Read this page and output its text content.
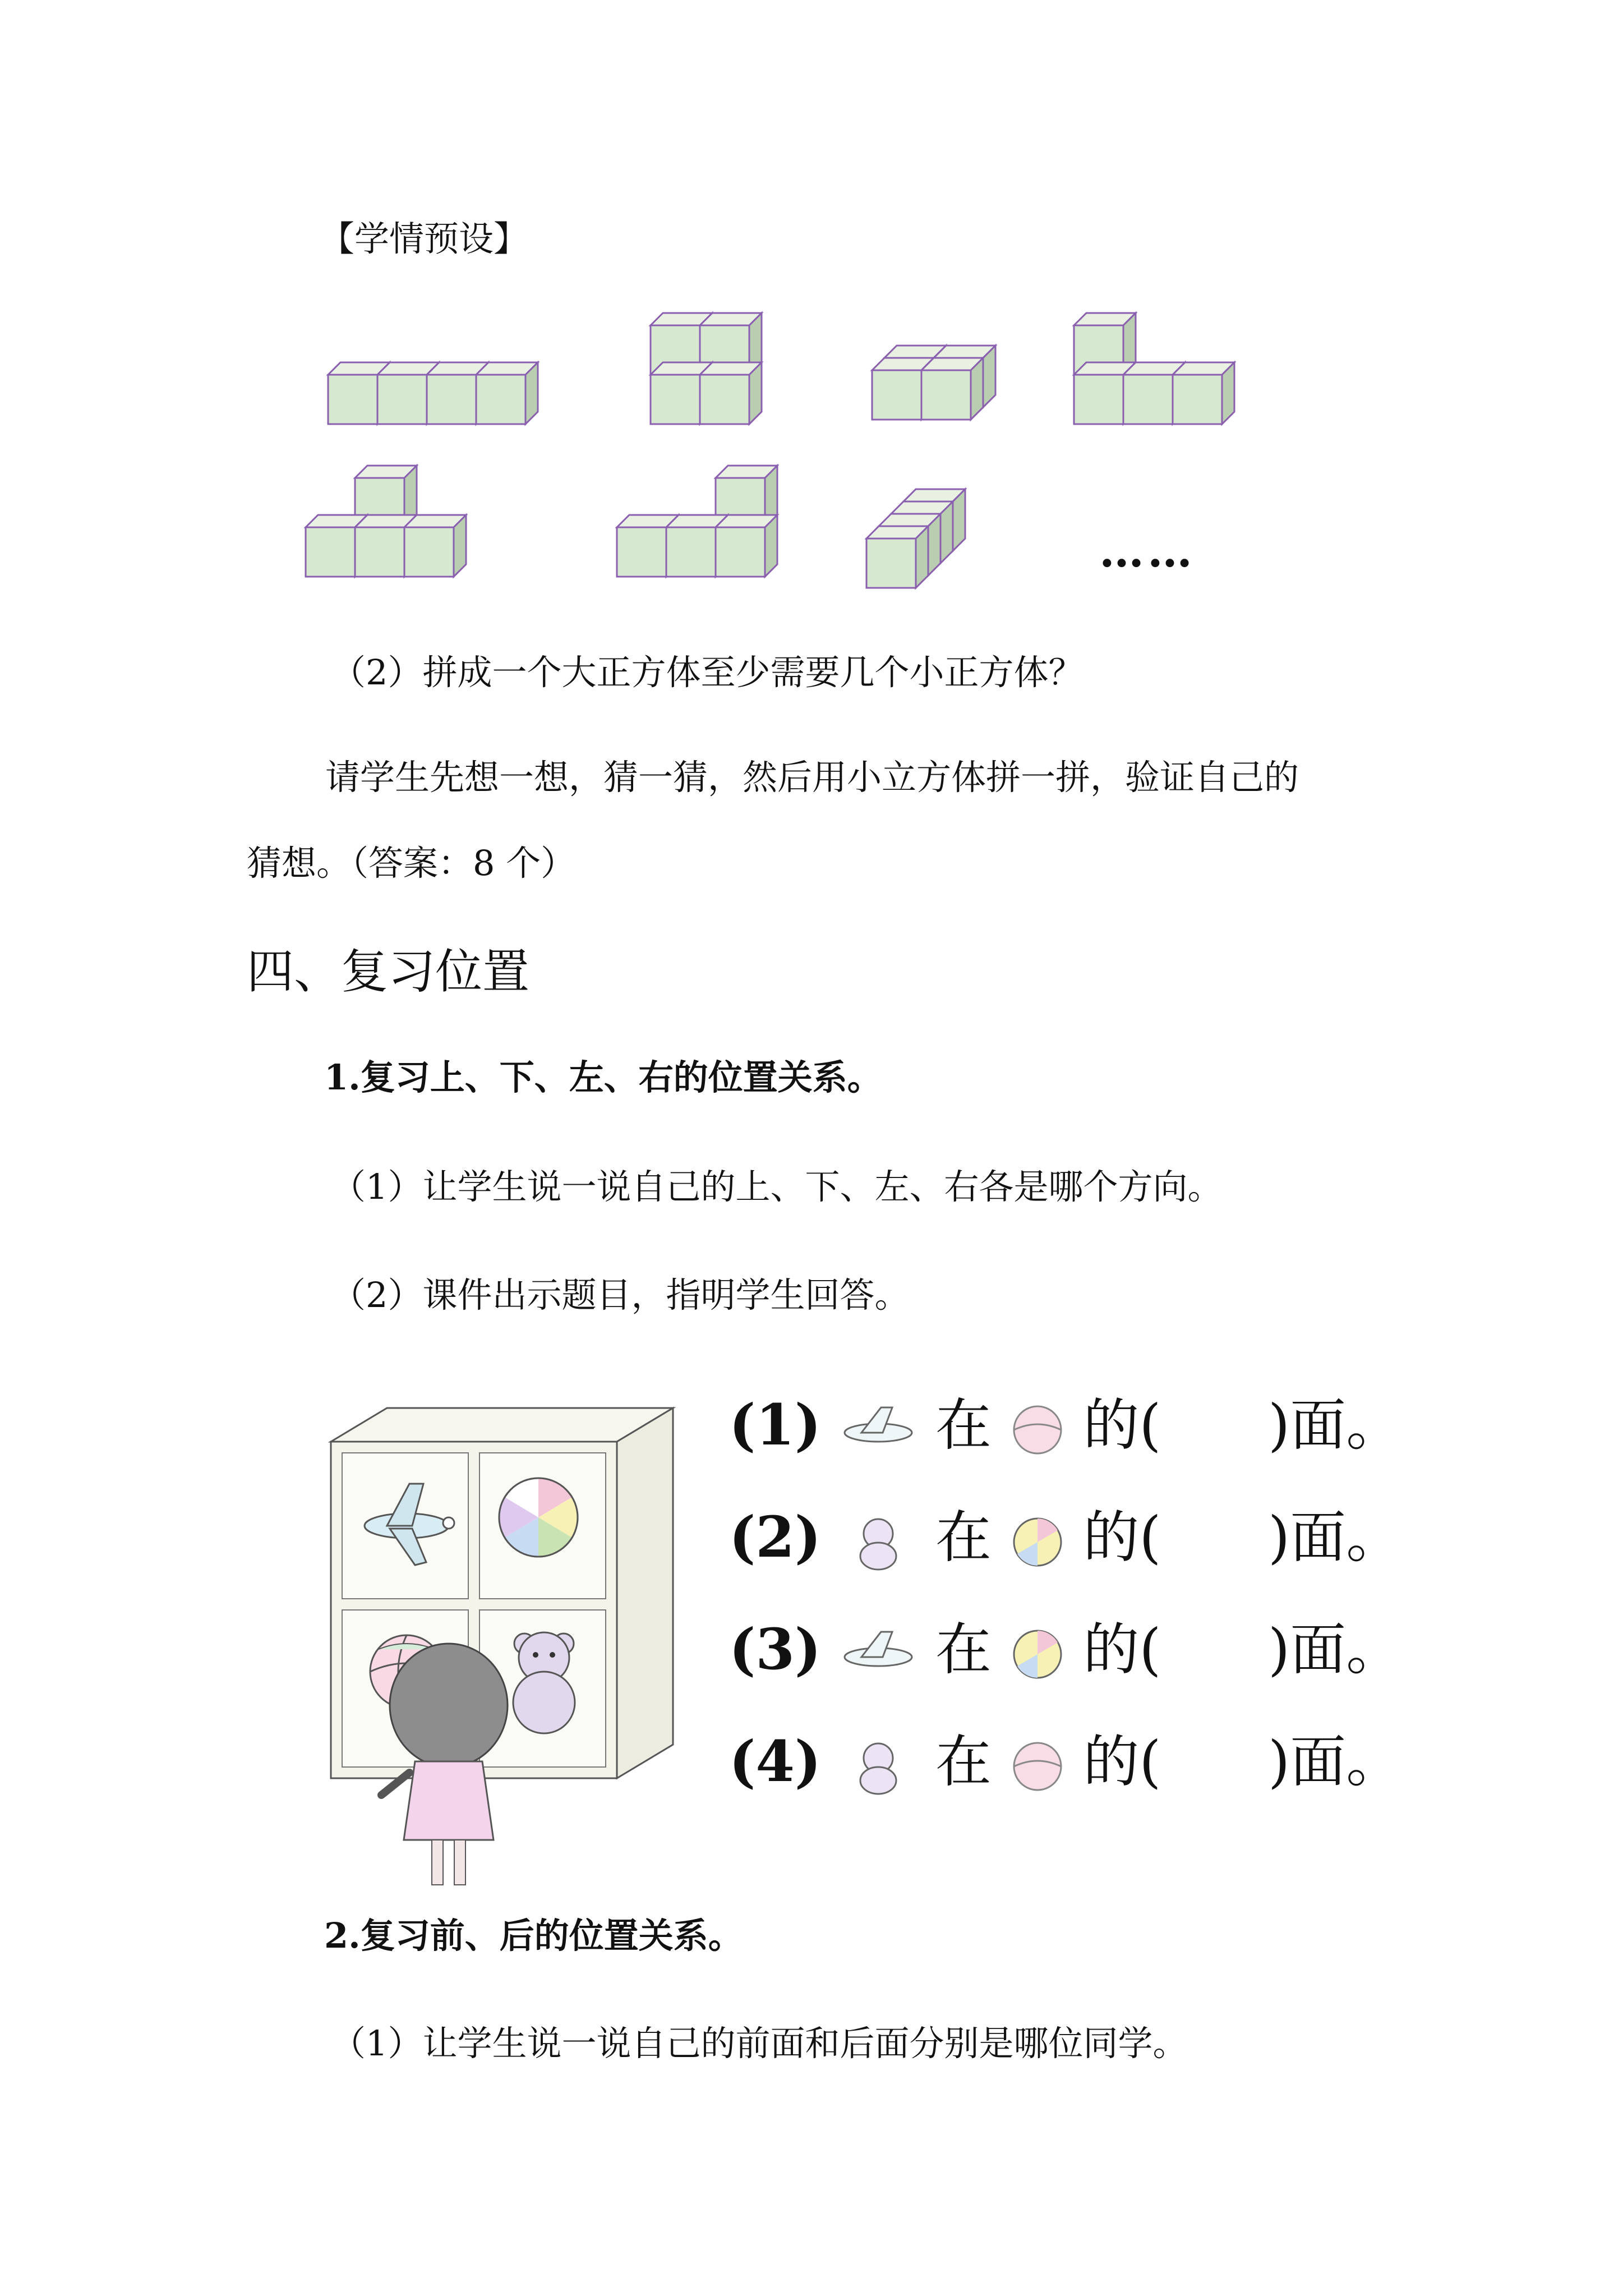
【学情预设】
……
（2）拼成一个大正方体至少需要几个小正方体？
请学生先想一想，猜一猜，然后用小立方体拼一拼，验证自己的
猜想。（答案：8 个）
四、复习位置
1.复习上、下、左、右的位置关系。
（1）让学生说一说自己的上、下、左、右各是哪个方向。
（2）课件出示题目，指明学生回答。
(1) 在 的( )面。
(2) 在 的( )面。
(3) 在 的( )面。
(4) 在 的( )面。
2.复习前、后的位置关系。
（1）让学生说一说自己的前面和后面分别是哪位同学。
